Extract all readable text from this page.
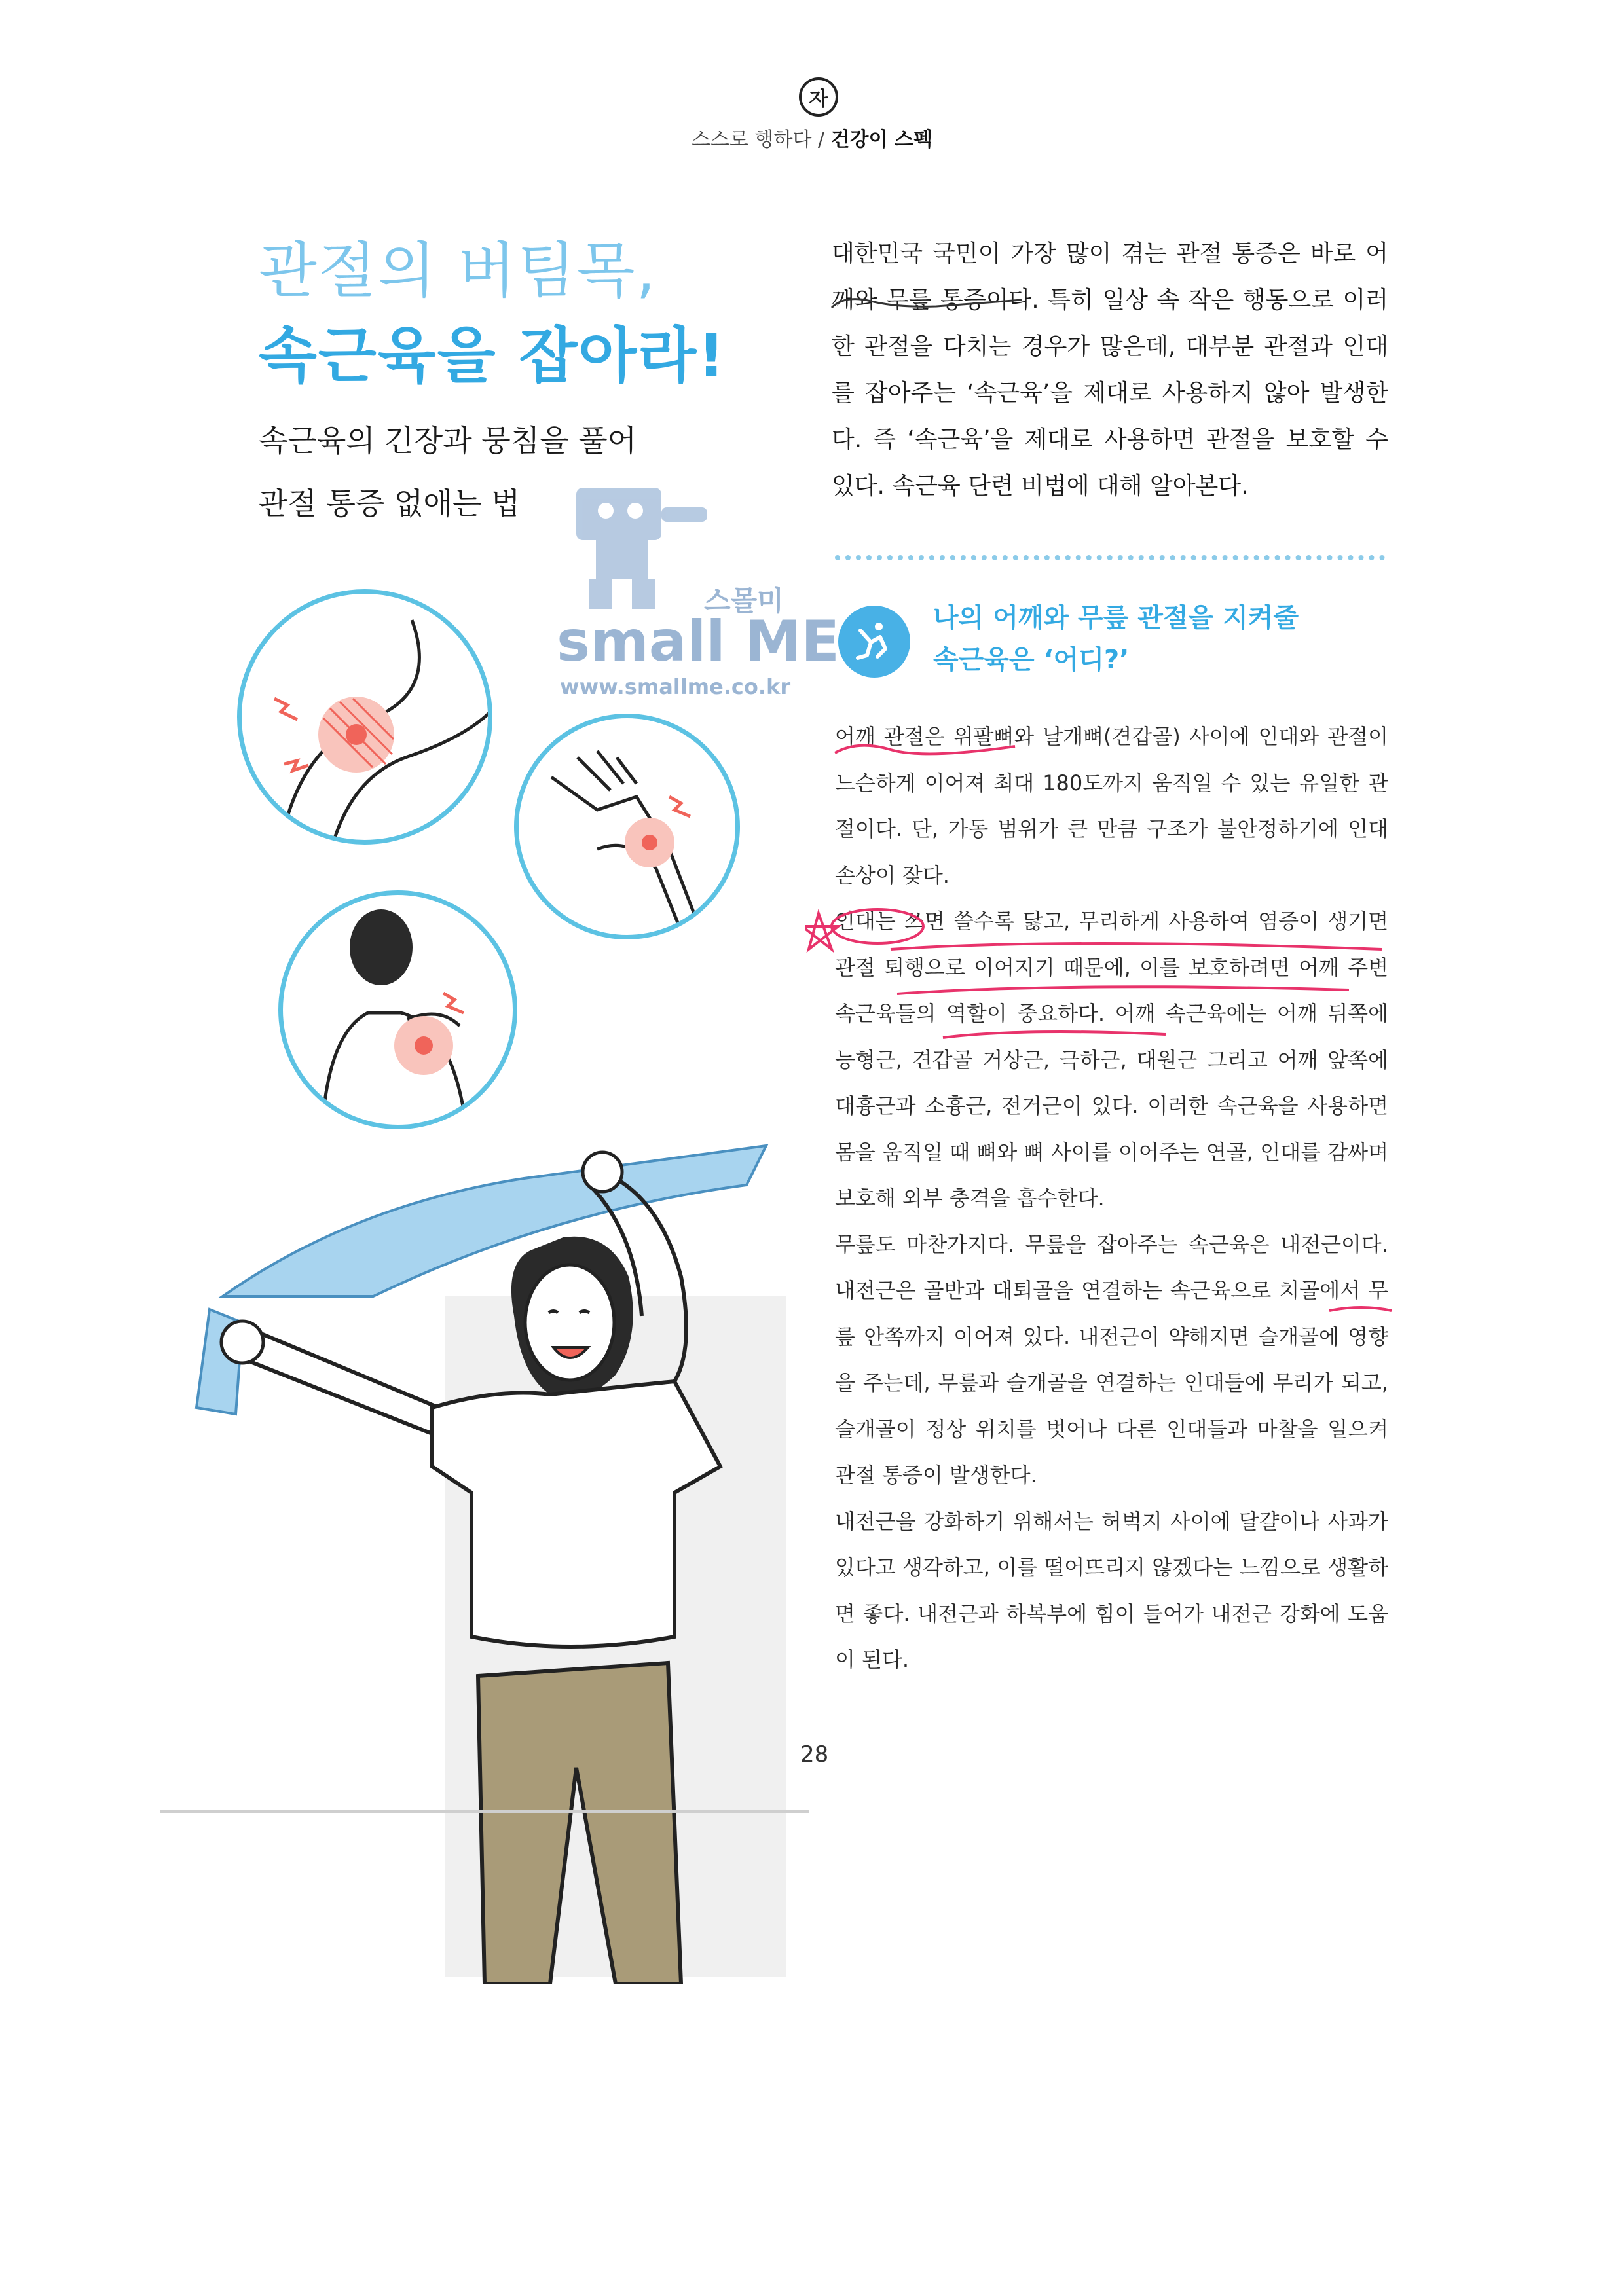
자
스스로 행하다 / 건강이 스펙
관절의 버팀목,
속근육을 잡아라!
속근육의 긴장과 뭉침을 풀어
관절 통증 없애는 법
대한민국 국민이 가장 많이 겪는 관절 통증은 바로 어깨와 무릎 통증이다. 특히 일상 속 작은 행동으로 이러한 관절을 다치는 경우가 많은데, 대부분 관절과 인대를 잡아주는 ‘속근육’을 제대로 사용하지 않아 발생한다. 즉 ‘속근육’을 제대로 사용하면 관절을 보호할 수 있다. 속근육 단련 비법에 대해 알아본다.
나의 어깨와 무릎 관절을 지켜줄
속근육은 ‘어디?’

어깨 관절은 위팔뼈와 날개뼈(견갑골) 사이에 인대와 관절이 느슨하게 이어져 최대 180도까지 움직일 수 있는 유일한 관절이다. 단, 가동 범위가 큰 만큼 구조가 불안정하기에 인대 손상이 잦다.

인대는 쓰면 쓸수록 닳고, 무리하게 사용하여 염증이 생기면 관절 퇴행으로 이어지기 때문에, 이를 보호하려면 어깨 주변 속근육들의 역할이 중요하다. 어깨 속근육에는 어깨 뒤쪽에 능형근, 견갑골 거상근, 극하근, 대원근 그리고 어깨 앞쪽에 대흉근과 소흉근, 전거근이 있다. 이러한 속근육을 사용하면 몸을 움직일 때 뼈와 뼈 사이를 이어주는 연골, 인대를 감싸며 보호해 외부 충격을 흡수한다.

무릎도 마찬가지다. 무릎을 잡아주는 속근육은 내전근이다. 내전근은 골반과 대퇴골을 연결하는 속근육으로 치골에서 무릎 안쪽까지 이어져 있다. 내전근이 약해지면 슬개골에 영향을 주는데, 무릎과 슬개골을 연결하는 인대들에 무리가 되고, 슬개골이 정상 위치를 벗어나 다른 인대들과 마찰을 일으켜 관절 통증이 발생한다.

내전근을 강화하기 위해서는 허벅지 사이에 달걀이나 사과가 있다고 생각하고, 이를 떨어뜨리지 않겠다는 느낌으로 생활하면 좋다. 내전근과 하복부에 힘이 들어가 내전근 강화에 도움이 된다.

스몰미
small ME
www.smallme.co.kr
28
